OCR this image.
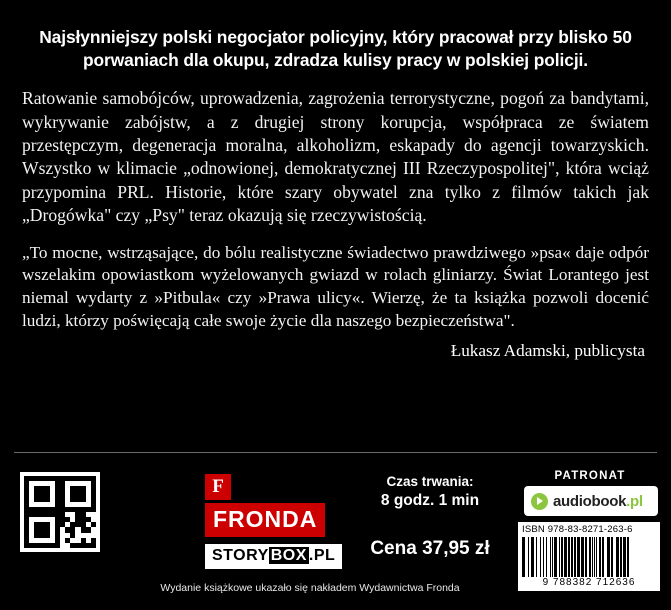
Najsłynniejszy polski negocjator policyjny, który pracował przy blisko 50 porwaniach dla okupu, zdradza kulisy pracy w polskiej policji.

Ratowanie samobójców, uprowadzenia, zagrożenia terrorystyczne, pogoń za bandytami, wykrywanie zabójstw, a z drugiej strony korupcja, współpraca ze światem przestępczym, degeneracja moralna, alkoholizm, eskapady do agencji towarzyskich. Wszystko w klimacie „odnowionej, demokratycznej III Rzeczypospolitej", która wciąż przypomina PRL. Historie, które szary obywatel zna tylko z filmów takich jak „Drogówka" czy „Psy" teraz okazują się rzeczywistością.

„To mocne, wstrząsające, do bólu realistyczne świadectwo prawdziwego »psa« daje odpór wszelakim opowiastkom wyżelowanych gwiazd w rolach gliniarzy. Świat Lorantego jest niemal wydarty z »Pitbula« czy »Prawa ulicy«. Wierzę, że ta książka pozwoli docenić ludzi, którzy poświęcają całe swoje życie dla naszego bezpieczeństwa".

Łukasz Adamski, publicysta

F
FRONDA
STORY BOX .PL
Czas trwania:
8 godz. 1 min
Cena 37,95 zł
PATRONAT
audiobook.pl
ISBN 978-83-8271-263-6
9 788382 712636
Wydanie książkowe ukazało się nakładem Wydawnictwa Fronda
